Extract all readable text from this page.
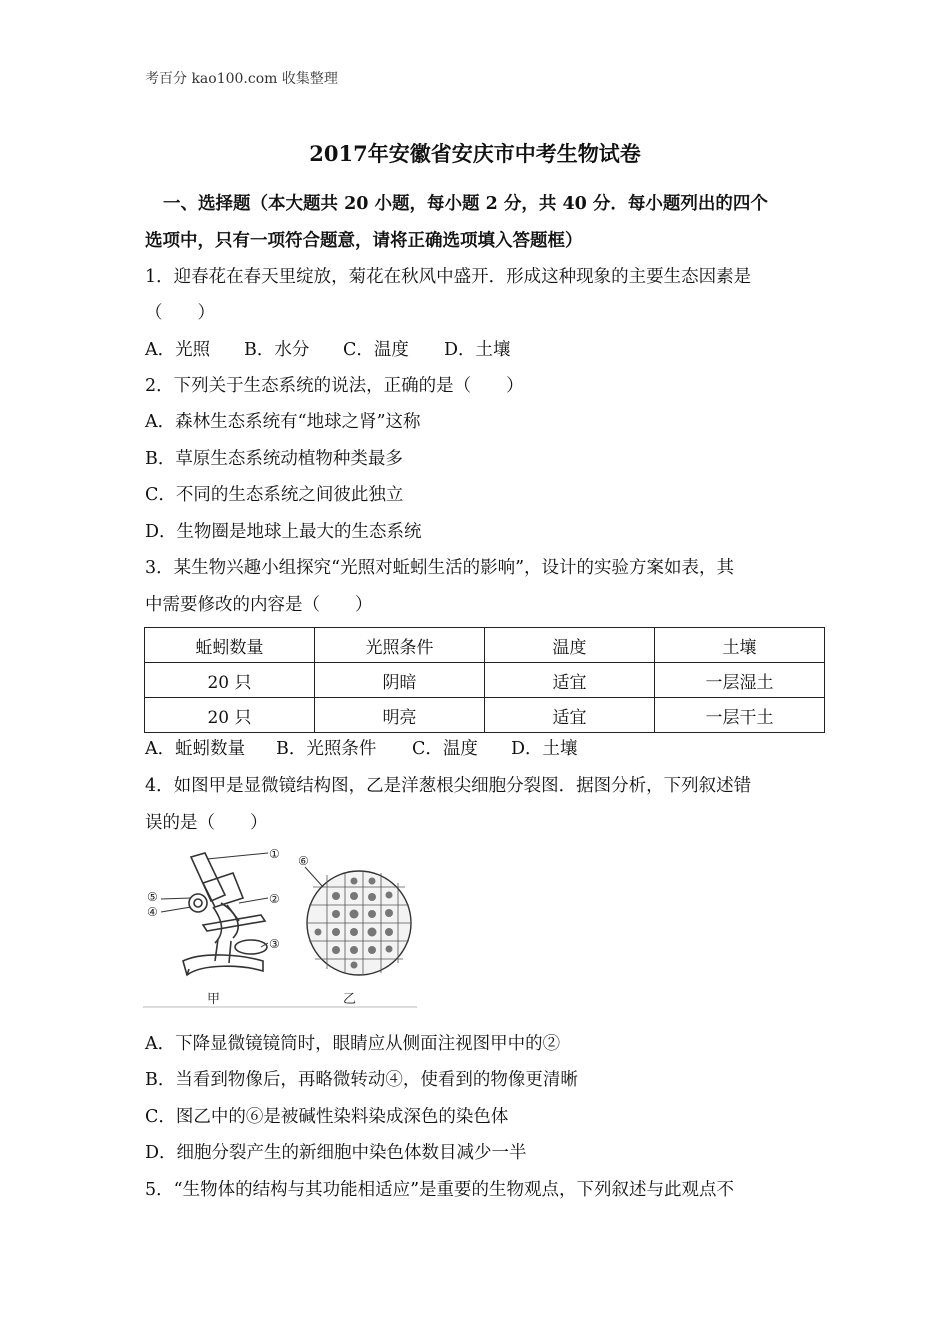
考百分 kao100.com 收集整理
2017年安徽省安庆市中考生物试卷
一、选择题（本大题共 20 小题，每小题 2 分，共 40 分．每小题列出的四个
选项中，只有一项符合题意，请将正确选项填入答题框）
1．迎春花在春天里绽放，菊花在秋风中盛开．形成这种现象的主要生态因素是
（　　）
A．光照 B．水分 C．温度 D．土壤
2．下列关于生态系统的说法，正确的是（　　）
A．森林生态系统有“地球之肾”这称
B．草原生态系统动植物种类最多
C．不同的生态系统之间彼此独立
D．生物圈是地球上最大的生态系统
3．某生物兴趣小组探究“光照对蚯蚓生活的影响”，设计的实验方案如表，其
中需要修改的内容是（　　）
蚯蚓数量	光照条件	温度	土壤
20 只	阴暗	适宜	一层湿土
20 只	明亮	适宜	一层干土
A．蚯蚓数量 B．光照条件 C．温度 D．土壤
4．如图甲是显微镜结构图，乙是洋葱根尖细胞分裂图．据图分析，下列叙述错
误的是（　　）
①
②
③
④
⑤
⑥
甲	乙
A．下降显微镜镜筒时，眼睛应从侧面注视图甲中的②
B．当看到物像后，再略微转动④，使看到的物像更清晰
C．图乙中的⑥是被碱性染料染成深色的染色体
D．细胞分裂产生的新细胞中染色体数目减少一半
5．“生物体的结构与其功能相适应”是重要的生物观点，下列叙述与此观点不
